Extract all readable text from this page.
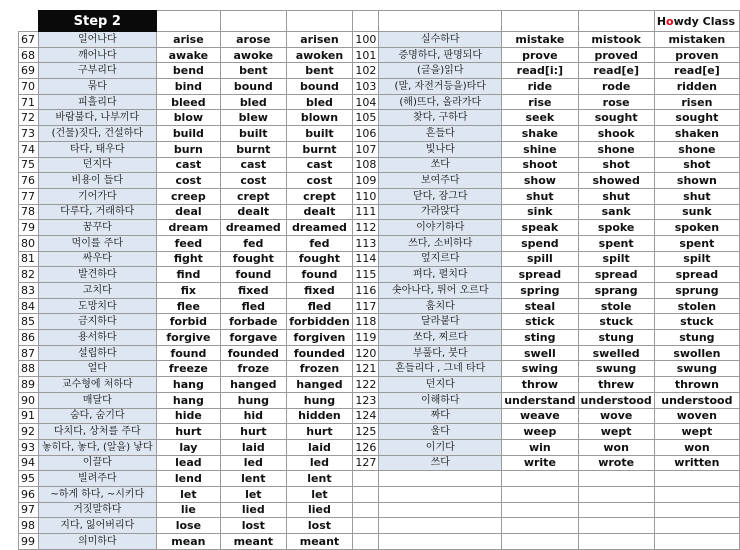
	Step 2								Howdy Class
67	일어나다	arise	arose	arisen	100	실수하다	mistake	mistook	mistaken
68	깨어나다	awake	awoke	awoken	101	증명하다, 판명되다	prove	proved	proven
69	구부리다	bend	bent	bent	102	(글을)읽다	read[i:]	read[e]	read[e]
70	묶다	bind	bound	bound	103	(말, 자전거등을)타다	ride	rode	ridden
71	피흘리다	bleed	bled	bled	104	(해)뜨다, 올라가다	rise	rose	risen
72	바람불다, 나부끼다	blow	blew	blown	105	찾다, 구하다	seek	sought	sought
73	(건물)짓다, 건설하다	build	built	built	106	흔들다	shake	shook	shaken
74	타다, 태우다	burn	burnt	burnt	107	빛나다	shine	shone	shone
75	던지다	cast	cast	cast	108	쏘다	shoot	shot	shot
76	비용이 들다	cost	cost	cost	109	보여주다	show	showed	shown
77	기어가다	creep	crept	crept	110	닫다, 잠그다	shut	shut	shut
78	다루다, 거래하다	deal	dealt	dealt	111	가라앉다	sink	sank	sunk
79	꿈꾸다	dream	dreamed	dreamed	112	이야기하다	speak	spoke	spoken
80	먹이를 주다	feed	fed	fed	113	쓰다, 소비하다	spend	spent	spent
81	싸우다	fight	fought	fought	114	엎지르다	spill	spilt	spilt
82	발견하다	find	found	found	115	펴다, 펼치다	spread	spread	spread
83	고치다	fix	fixed	fixed	116	솟아나다, 튀어 오르다	spring	sprang	sprung
84	도망치다	flee	fled	fled	117	훔치다	steal	stole	stolen
85	금지하다	forbid	forbade	forbidden	118	달라붙다	stick	stuck	stuck
86	용서하다	forgive	forgave	forgiven	119	쏘다, 찌르다	sting	stung	stung
87	설립하다	found	founded	founded	120	부풀다, 붓다	swell	swelled	swollen
88	얼다	freeze	froze	frozen	121	흔들리다 , 그네 타다	swing	swung	swung
89	교수형에 처하다	hang	hanged	hanged	122	던지다	throw	threw	thrown
90	매달다	hang	hung	hung	123	이해하다	understand	understood	understood
91	숨다, 숨기다	hide	hid	hidden	124	짜다	weave	wove	woven
92	다치다, 상처를 주다	hurt	hurt	hurt	125	울다	weep	wept	wept
93	놓히다, 놓다, (알을) 낳다	lay	laid	laid	126	이기다	win	won	won
94	이끌다	lead	led	led	127	쓰다	write	wrote	written
95	빌려주다	lend	lent	lent					
96	~하게 하다, ~시키다	let	let	let					
97	거짓말하다	lie	lied	lied					
98	지다, 잃어버리다	lose	lost	lost					
99	의미하다	mean	meant	meant					
